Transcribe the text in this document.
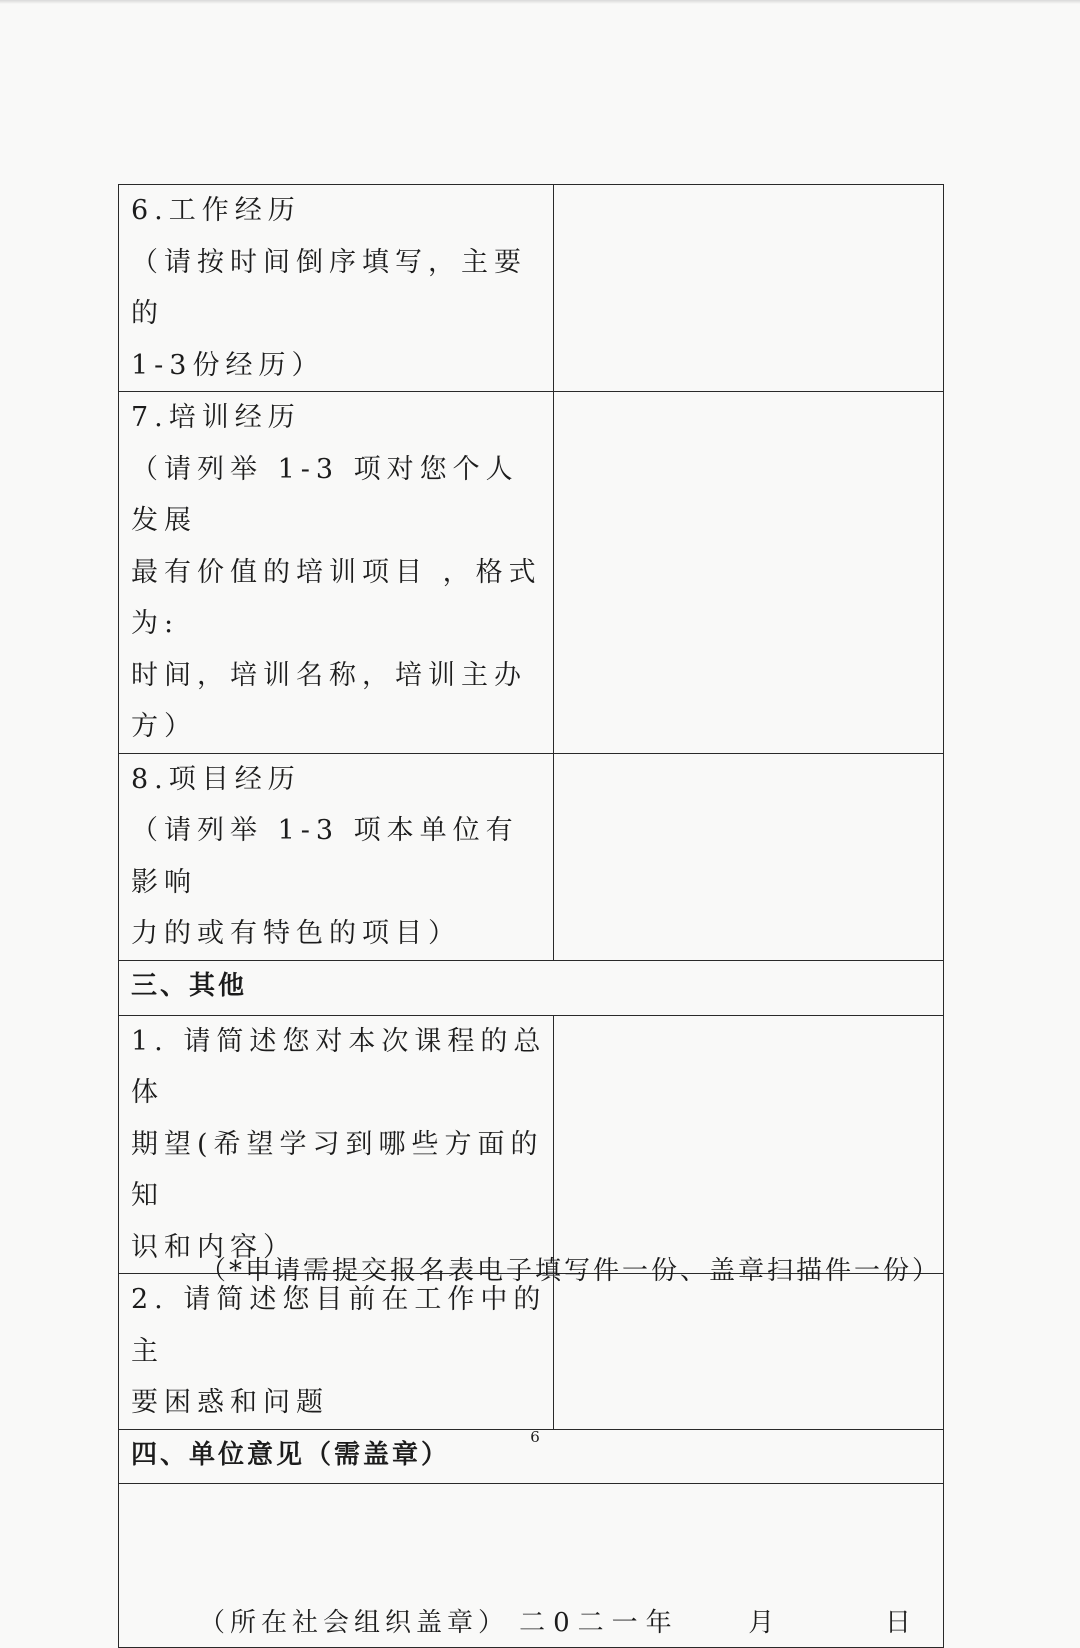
6.工作经历
（请按时间倒序填写，主要的
1-3份经历）	

7.培训经历
（请列举 1-3 项对您个人发展
最有价值的培训项目 ，格式为:
时间，培训名称，培训主办方）	

8.项目经历
（请列举 1-3 项本单位有影响
力的或有特色的项目）	

三、其他	

1. 请简述您对本次课程的总体
期望(希望学习到哪些方面的知
识和内容）	

2. 请简述您目前在工作中的主
要困惑和问题	

四、单位意见（需盖章）	

（所在社会组织盖章） 二0二一年  月   日	
（*申请需提交报名表电子填写件一份、盖章扫描件一份）
6
